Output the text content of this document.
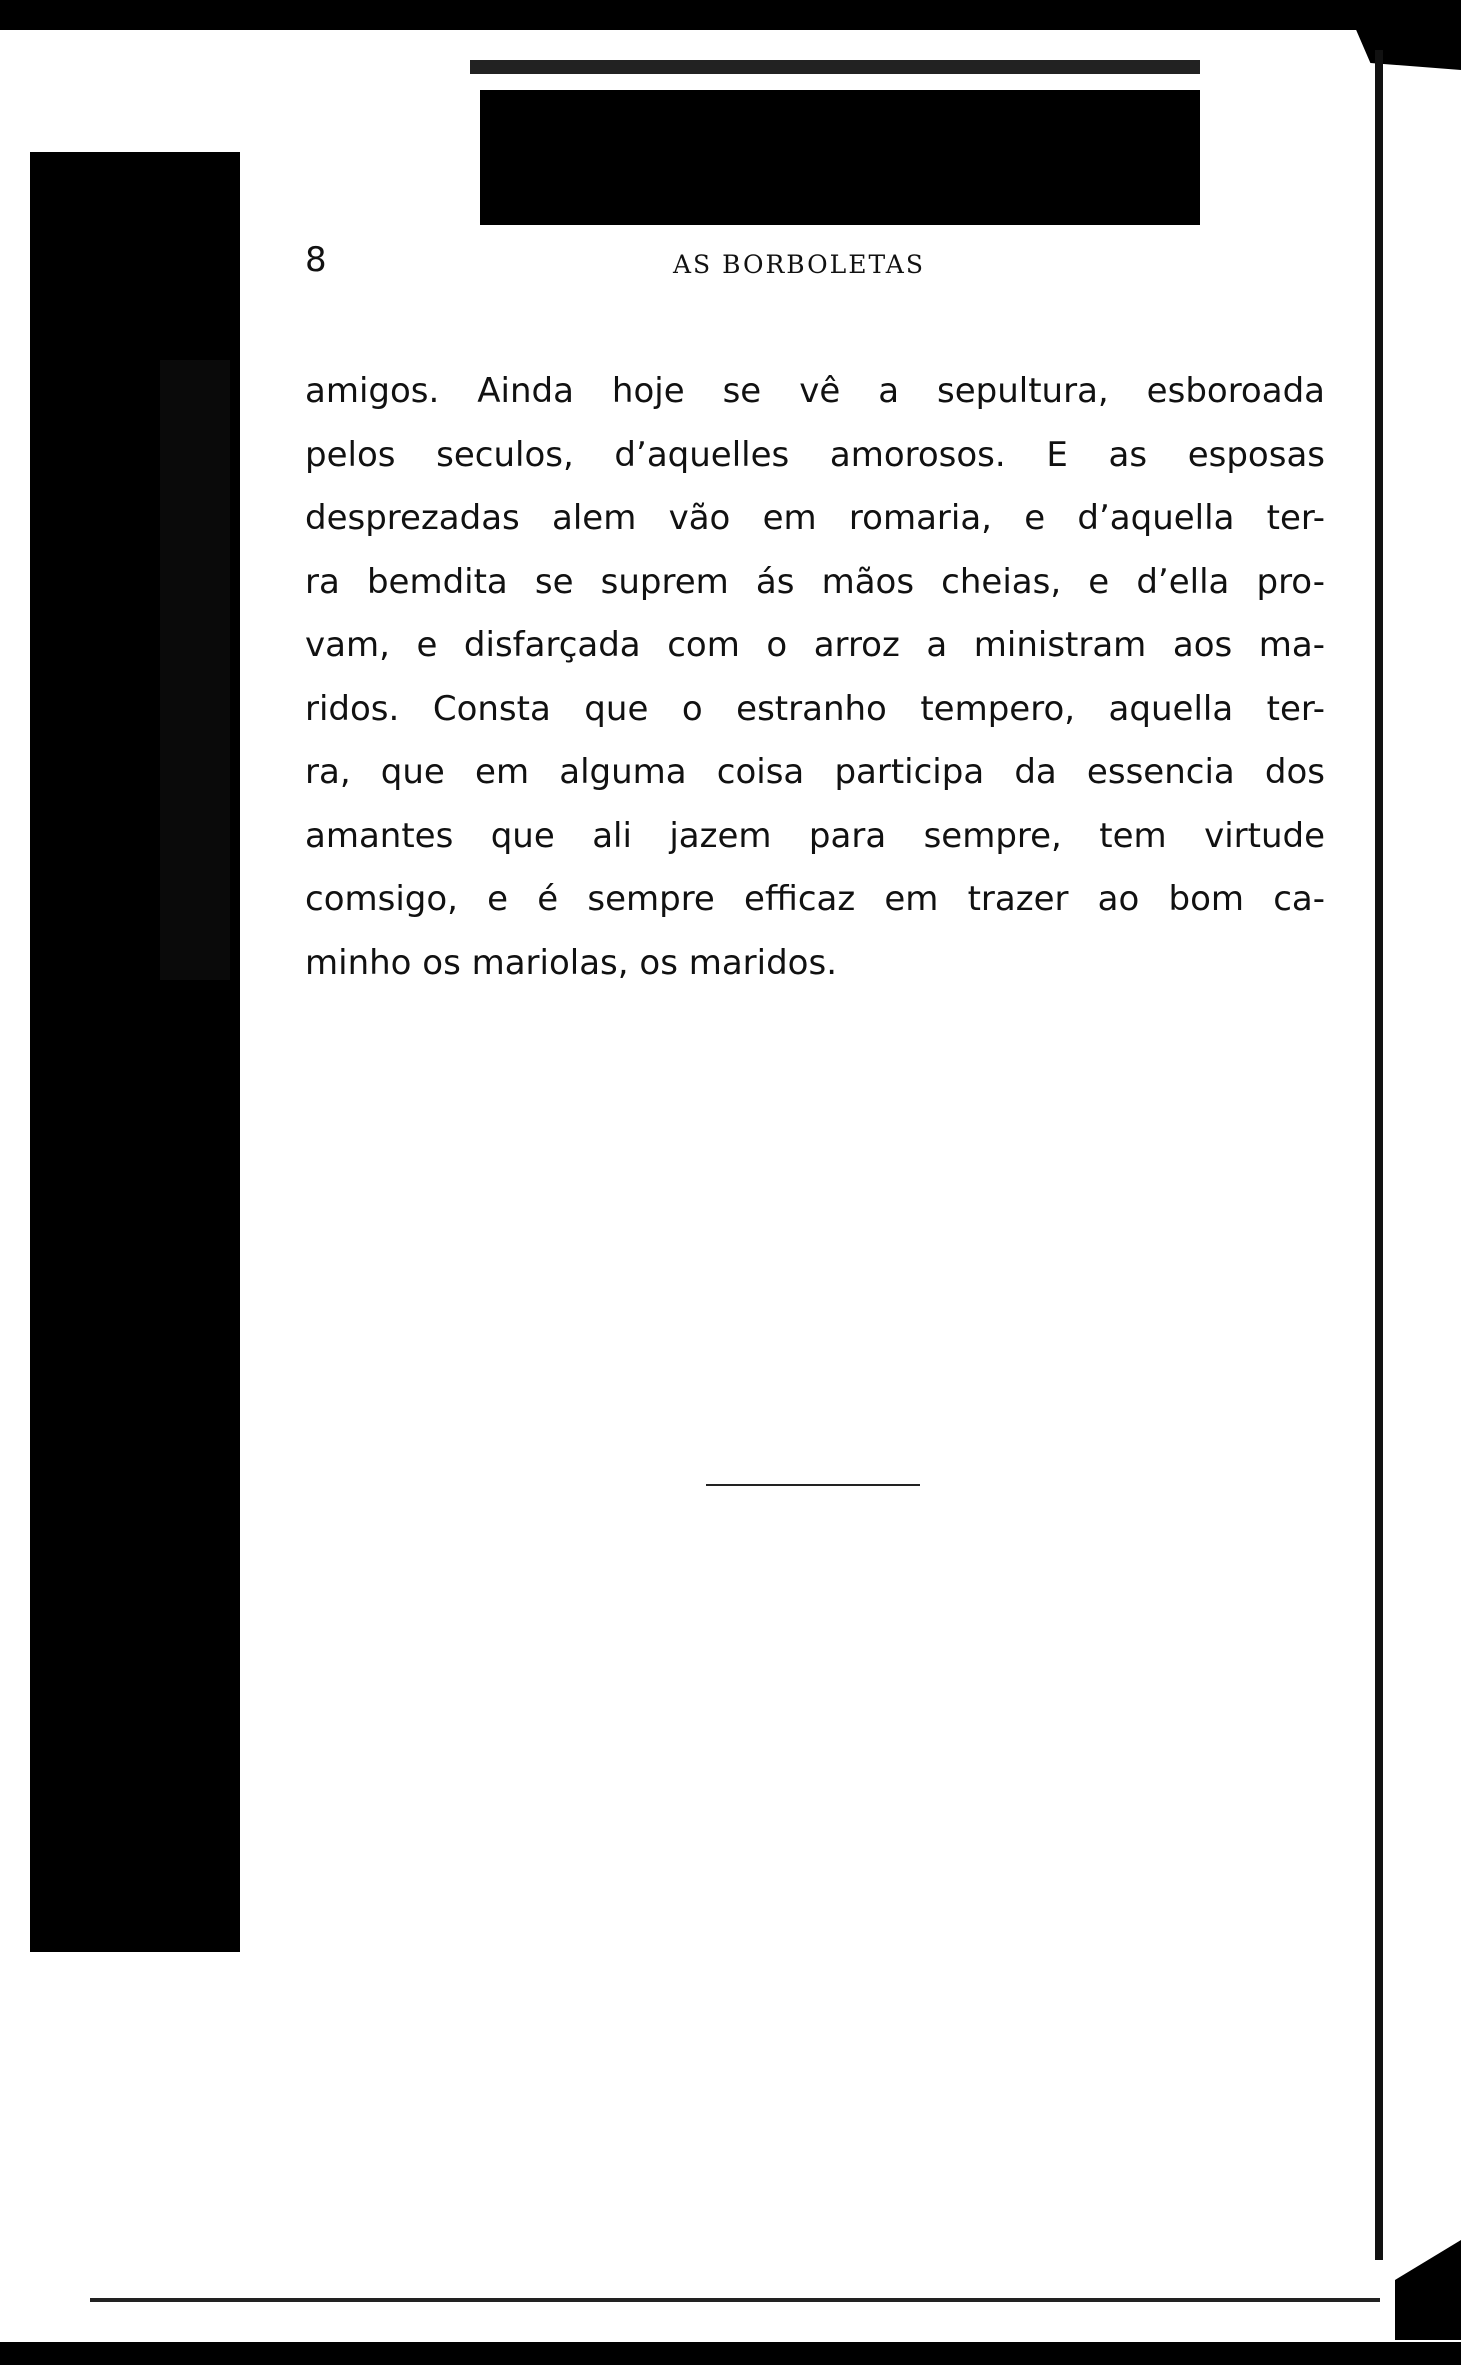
8	AS BORBOLETAS
amigos. Ainda hoje se vê a sepultura, esboroada
pelos seculos, d’aquelles amorosos. E as esposas
desprezadas alem vão em romaria, e d’aquella ter-
ra bemdita se suprem ás mãos cheias, e d’ella pro-
vam, e disfarçada com o arroz a ministram aos ma-
ridos. Consta que o estranho tempero, aquella ter-
ra, que em alguma coisa participa da essencia dos
amantes que ali jazem para sempre, tem virtude
comsigo, e é sempre efficaz em trazer ao bom ca-
minho os mariolas, os maridos.
